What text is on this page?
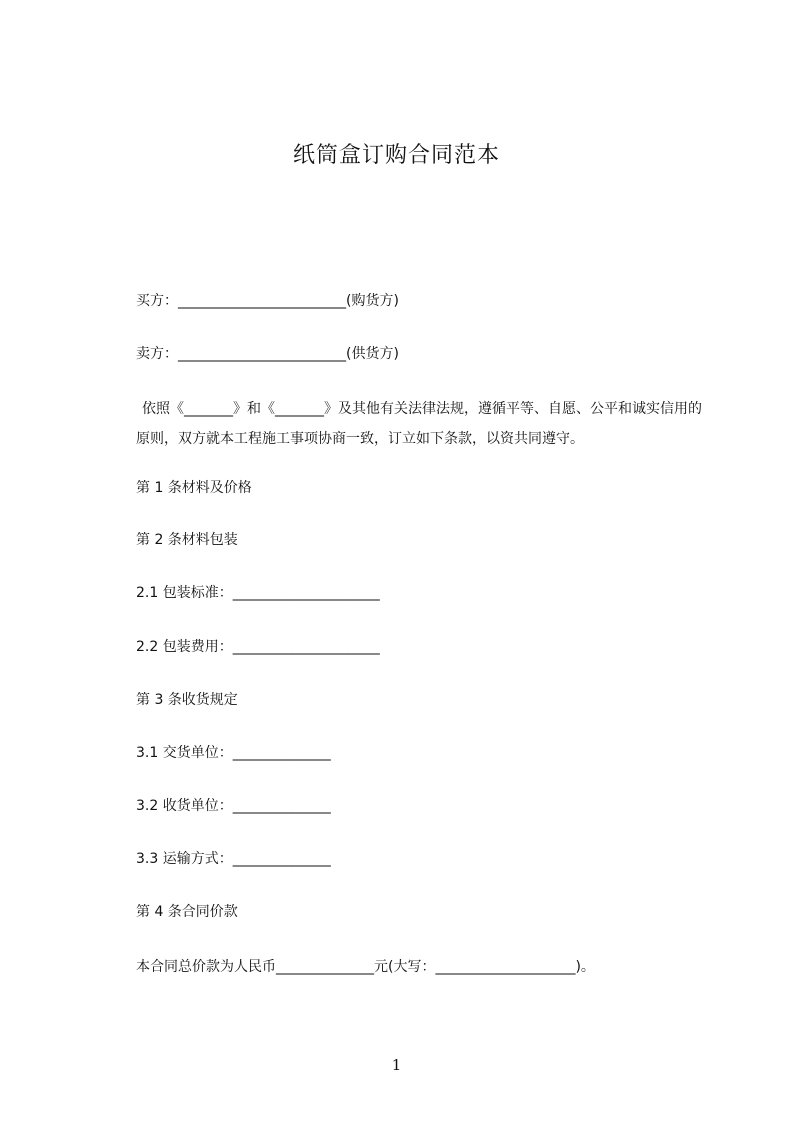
纸筒盒订购合同范本
买方：________________________(购货方)
卖方：________________________(供货方)
依照《_______》和《_______》及其他有关法律法规，遵循平等、自愿、公平和诚实信用的原则，双方就本工程施工事项协商一致，订立如下条款，以资共同遵守。
第 1 条材料及价格
第 2 条材料包装
2.1 包装标准：_____________________
2.2 包装费用：_____________________
第 3 条收货规定
3.1 交货单位：______________
3.2 收货单位：______________
3.3 运输方式：______________
第 4 条合同价款
本合同总价款为人民币______________元(大写：____________________)。
1
